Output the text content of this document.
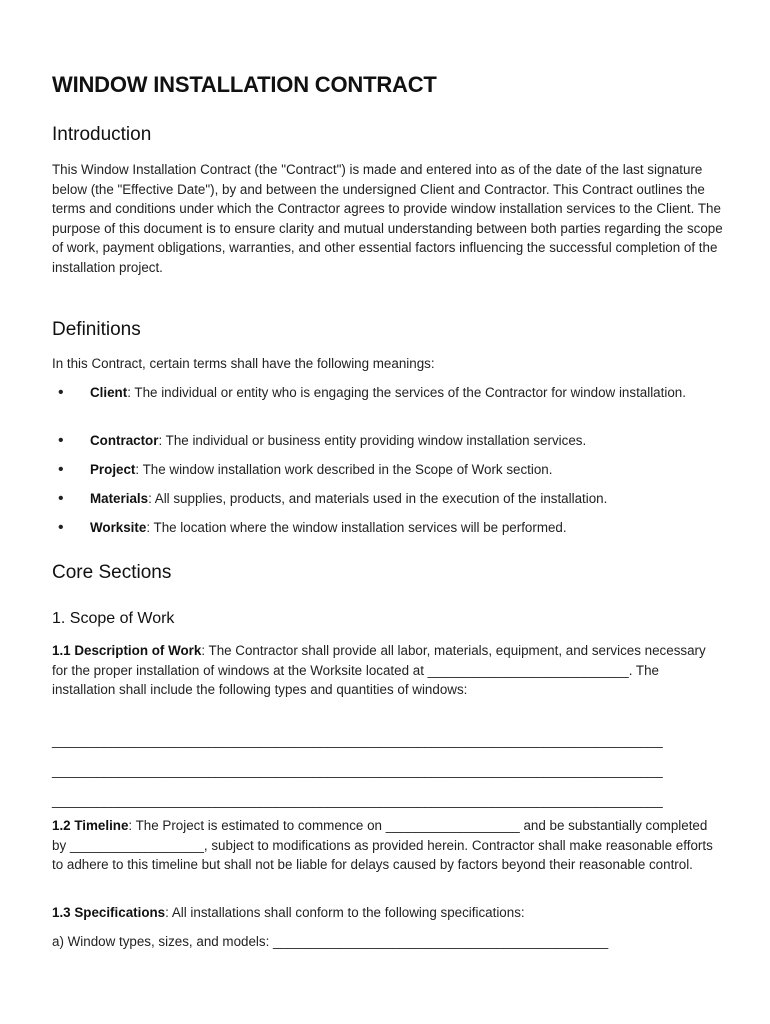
WINDOW INSTALLATION CONTRACT
Introduction

This Window Installation Contract (the "Contract") is made and entered into as of the date of the last signature below (the "Effective Date"), by and between the undersigned Client and Contractor. This Contract outlines the terms and conditions under which the Contractor agrees to provide window installation services to the Client. The purpose of this document is to ensure clarity and mutual understanding between both parties regarding the scope of work, payment obligations, warranties, and other essential factors influencing the successful completion of the installation project.

Definitions

In this Contract, certain terms shall have the following meanings:

• Client: The individual or entity who is engaging the services of the Contractor for window installation.
• Contractor: The individual or business entity providing window installation services.
• Project: The window installation work described in the Scope of Work section.
• Materials: All supplies, products, and materials used in the execution of the installation.
• Worksite: The location where the window installation services will be performed.
Core Sections
1. Scope of Work

1.1 Description of Work: The Contractor shall provide all labor, materials, equipment, and services necessary for the proper installation of windows at the Worksite located at ___________________________. The installation shall include the following types and quantities of windows:

__________________________________________________________________________________

__________________________________________________________________________________

__________________________________________________________________________________

1.2 Timeline: The Project is estimated to commence on __________________ and be substantially completed by __________________, subject to modifications as provided herein. Contractor shall make reasonable efforts to adhere to this timeline but shall not be liable for delays caused by factors beyond their reasonable control.

1.3 Specifications: All installations shall conform to the following specifications:

a) Window types, sizes, and models: _____________________________________________
